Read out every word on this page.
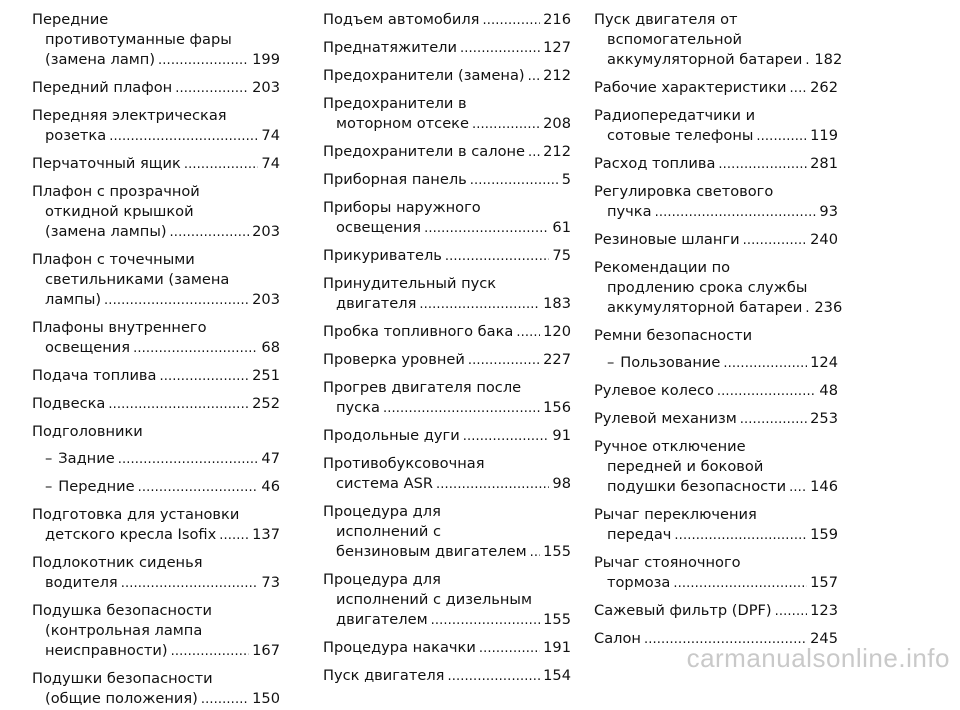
Передние
противотуманные фары
(замена ламп) . . .	199
Передний плафон . . .	203
Передняя электрическая
розетка . . .	74
Перчаточный ящик . . .	74
Плафон с прозрачной
откидной крышкой
(замена лампы) . . .	203
Плафон с точечными
светильниками (замена
лампы) . . .	203
Плафоны внутреннего
освещения . . .	68
Подача топлива . . .	251
Подвеска . . .	252
Подголовники
– Задние . . .	47
– Передние . . .	46
Подготовка для установки
детского кресла Isofix . . . 137
Подлокотник сиденья
водителя . . .	73
Подушка безопасности
(контрольная лампа
неисправности) . . .	167
Подушки безопасности
(общие положения) . . .	150
Подъем автомобиля . . .	216
Преднатяжители . . .	127
Предохранители (замена) . . . 212
Предохранители в
моторном отсеке . . .	208
Предохранители в салоне . . . 212
Приборная панель . . .	5
Приборы наружного
освещения . . .	61
Прикуриватель . . .	75
Принудительный пуск
двигателя . . .	183
Пробка топливного бака . . . 120
Проверка уровней . . .	227
Прогрев двигателя после
пуска . . .	156
Продольные дуги . . .	91
Противобуксовочная
система ASR . . .	98
Процедура для
исполнений с
бензиновым двигателем . . . 155
Процедура для
исполнений с дизельным
двигателем . . .	155
Процедура накачки . . .	191
Пуск двигателя . . .	154
Пуск двигателя от
вспомогательной
аккумуляторной батареи . . . 182
Рабочие характеристики . . . 262
Радиопередатчики и
сотовые телефоны . . .	119
Расход топлива . . .	281
Регулировка светового
пучка . . .	93
Резиновые шланги . . .	240
Рекомендации по
продлению срока службы
аккумуляторной батареи . . . 236
Ремни безопасности
– Пользование . . .	124
Рулевое колесо . . .	48
Рулевой механизм . . .	253
Ручное отключение
передней и боковой
подушки безопасности . . . 146
Рычаг переключения
передач . . .	159
Рычаг стояночного
тормоза . . .	157
Сажевый фильтр (DPF) . . .	123
Салон . . .	245
carmanualsonline.info
